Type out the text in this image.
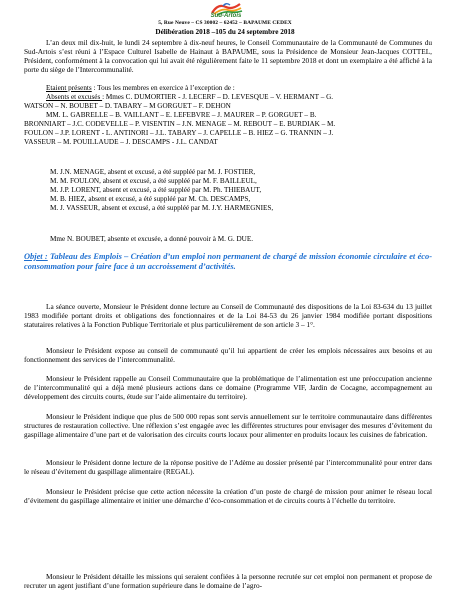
Sud-Artois
5, Rue Neuve – CS 30002 – 62452 – BAPAUME CEDEX
Délibération 2018 –105 du 24 septembre 2018
L’an deux mil dix-huit, le lundi 24 septembre à dix-neuf heures, le Conseil Communautaire de la Communauté de Communes du Sud-Artois s’est réuni à l’Espace Culturel Isabelle de Hainaut à BAPAUME, sous la Présidence de Monsieur Jean-Jacques COTTEL, Président, conformément à la convocation qui lui avait été régulièrement faite le 11 septembre 2018 et dont un exemplaire a été affiché à la porte du siège de l’Intercommunalité.
Etaient présents : Tous les membres en exercice à l’exception de :
Absents et excusés : Mmes C. DUMORTIER - J. LECERF – D. LEVESQUE – V. HERMANT – G.
WATSON – N. BOUBET – D. TABARY – M GORGUET – F. DEHON
MM. L. GABRELLE – B. VAILLANT – E. LEFEBVRE – J. MAURER – P. GORGUET – B.
BRONNIART – J.C. CODEVELLE – P. VISENTIN – J.N. MENAGE – M. REBOUT – E. BURDIAK – M.
FOULON – J.P. LORENT - L. ANTINORI – J.L. TABARY – J. CAPELLE – B. HIEZ – G. TRANNIN – J.
VASSEUR – M. POUILLAUDE – J. DESCAMPS - J.L. CANDAT
M. J.N. MENAGE, absent et excusé, a été suppléé par M. J. FOSTIER,
M. M. FOULON, absent et excusé, a été suppléé par M. F. BAILLEUL,
M. J.P. LORENT, absent et excusé, a été suppléé par M. Ph. THIEBAUT,
M. B. HIEZ, absent et excusé, a été suppléé par M. Ch. DESCAMPS,
M. J. VASSEUR, absent et excusé, a été suppléé par M. J.Y. HARMEGNIES,
Mme N. BOUBET, absente et excusée, a donné pouvoir à M. G. DUE.
Objet : Tableau des Emplois – Création d’un emploi non permanent de chargé de mission économie circulaire et éco-consommation pour faire face à un accroissement d’activités.
La séance ouverte, Monsieur le Président donne lecture au Conseil de Communauté des dispositions de la Loi 83-634 du 13 juillet 1983 modifiée portant droits et obligations des fonctionnaires et de la Loi 84-53 du 26 janvier 1984 modifiée portant dispositions statutaires relatives à la Fonction Publique Territoriale et plus particulièrement de son article 3 – 1°.
Monsieur le Président expose au conseil de communauté qu’il lui appartient de créer les emplois nécessaires aux besoins et au fonctionnement des services de l’intercommunalité.
Monsieur le Président rappelle au Conseil Communautaire que la problématique de l’alimentation est une préoccupation ancienne de l’intercommunalité qui a déjà mené plusieurs actions dans ce domaine (Programme VIF, Jardin de Cocagne, accompagnement au développement des circuits courts, étude sur l’aide alimentaire du territoire).
Monsieur le Président indique que plus de 500 000 repas sont servis annuellement sur le territoire communautaire dans différentes structures de restauration collective. Une réflexion s’est engagée avec les différentes structures pour envisager des mesures d’évitement du gaspillage alimentaire d’une part et de valorisation des circuits courts locaux pour alimenter en produits locaux les cuisines de fabrication.
Monsieur le Président donne lecture de la réponse positive de l’Adème au dossier présenté par l’intercommunalité pour entrer dans le réseau d’évitement du gaspillage alimentaire (REGAL).
Monsieur le Président précise que cette action nécessite la création d’un poste de chargé de mission pour animer le réseau local d’évitement du gaspillage alimentaire et initier une démarche d’éco-consommation et de circuits courts à l’échelle du territoire.
Monsieur le Président détaille les missions qui seraient confiées à la personne recrutée sur cet emploi non permanent et propose de recruter un agent justifiant d’une formation supérieure dans le domaine de l’agro-
